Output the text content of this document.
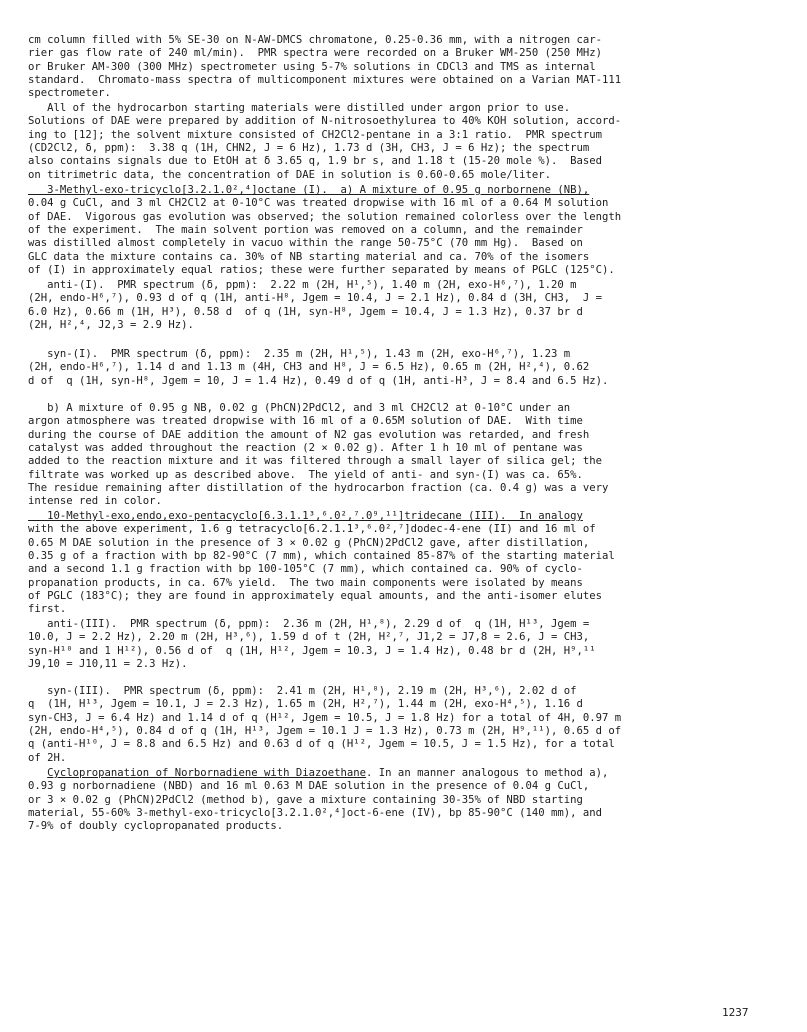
cm column filled with 5% SE-30 on N-AW-DMCS chromatone, 0.25-0.36 mm, with a nitrogen car-
rier gas flow rate of 240 ml/min).  PMR spectra were recorded on a Bruker WM-250 (250 MHz)
or Bruker AM-300 (300 MHz) spectrometer using 5-7% solutions in CDCl3 and TMS as internal
standard.  Chromato-mass spectra of multicomponent mixtures were obtained on a Varian MAT-111
spectrometer.
All of the hydrocarbon starting materials were distilled under argon prior to use.
Solutions of DAE were prepared by addition of N-nitrosoethylurea to 40% KOH solution, accord-
ing to [12]; the solvent mixture consisted of CH2Cl2-pentane in a 3:1 ratio.  PMR spectrum
(CD2Cl2, δ, ppm):  3.38 q (1H, CHN2, J = 6 Hz), 1.73 d (3H, CH3, J = 6 Hz); the spectrum
also contains signals due to EtOH at δ 3.65 q, 1.9 br s, and 1.18 t (15-20 mole %).  Based
on titrimetric data, the concentration of DAE in solution is 0.60-0.65 mole/liter.
3-Methyl-exo-tricyclo[3.2.1.0²,⁴]octane (I).  a) A mixture of 0.95 g norbornene (NB),
0.04 g CuCl, and 3 ml CH2Cl2 at 0-10°C was treated dropwise with 16 ml of a 0.64 M solution
of DAE.  Vigorous gas evolution was observed; the solution remained colorless over the length
of the experiment.  The main solvent portion was removed on a column, and the remainder
was distilled almost completely in vacuo within the range 50-75°C (70 mm Hg).  Based on
GLC data the mixture contains ca. 30% of NB starting material and ca. 70% of the isomers
of (I) in approximately equal ratios; these were further separated by means of PGLC (125°C).
anti-(I).  PMR spectrum (δ, ppm):  2.22 m (2H, H¹,⁵), 1.40 m (2H, exo-H⁶,⁷), 1.20 m
(2H, endo-H⁶,⁷), 0.93 d of q (1H, anti-H⁸, Jgem = 10.4, J = 2.1 Hz), 0.84 d (3H, CH3,  J =
6.0 Hz), 0.66 m (1H, H³), 0.58 d  of q (1H, syn-H⁸, Jgem = 10.4, J = 1.3 Hz), 0.37 br d
(2H, H²,⁴, J2,3 = 2.9 Hz).
syn-(I).  PMR spectrum (δ, ppm):  2.35 m (2H, H¹,⁵), 1.43 m (2H, exo-H⁶,⁷), 1.23 m
(2H, endo-H⁶,⁷), 1.14 d and 1.13 m (4H, CH3 and H⁸, J = 6.5 Hz), 0.65 m (2H, H²,⁴), 0.62
d of  q (1H, syn-H⁸, Jgem = 10, J = 1.4 Hz), 0.49 d of q (1H, anti-H³, J = 8.4 and 6.5 Hz).
b) A mixture of 0.95 g NB, 0.02 g (PhCN)2PdCl2, and 3 ml CH2Cl2 at 0-10°C under an
argon atmosphere was treated dropwise with 16 ml of a 0.65M solution of DAE.  With time
during the course of DAE addition the amount of N2 gas evolution was retarded, and fresh
catalyst was added throughout the reaction (2 × 0.02 g). After 1 h 10 ml of pentane was
added to the reaction mixture and it was filtered through a small layer of silica gel; the
filtrate was worked up as described above.  The yield of anti- and syn-(I) was ca. 65%.
The residue remaining after distillation of the hydrocarbon fraction (ca. 0.4 g) was a very
intense red in color.
10-Methyl-exo,endo,exo-pentacyclo[6.3.1.1³,⁶.0²,⁷.0⁹,¹¹]tridecane (III).  In analogy
with the above experiment, 1.6 g tetracyclo[6.2.1.1³,⁶.0²,⁷]dodec-4-ene (II) and 16 ml of
0.65 M DAE solution in the presence of 3 × 0.02 g (PhCN)2PdCl2 gave, after distillation,
0.35 g of a fraction with bp 82-90°C (7 mm), which contained 85-87% of the starting material
and a second 1.1 g fraction with bp 100-105°C (7 mm), which contained ca. 90% of cyclo-
propanation products, in ca. 67% yield.  The two main components were isolated by means
of PGLC (183°C); they are found in approximately equal amounts, and the anti-isomer elutes
first.
anti-(III).  PMR spectrum (δ, ppm):  2.36 m (2H, H¹,⁸), 2.29 d of  q (1H, H¹³, Jgem =
10.0, J = 2.2 Hz), 2.20 m (2H, H³,⁶), 1.59 d of t (2H, H²,⁷, J1,2 = J7,8 = 2.6, J = CH3,
syn-H¹⁰ and 1 H¹²), 0.56 d of  q (1H, H¹², Jgem = 10.3, J = 1.4 Hz), 0.48 br d (2H, H⁹,¹¹
J9,10 = J10,11 = 2.3 Hz).
syn-(III).  PMR spectrum (δ, ppm):  2.41 m (2H, H¹,⁸), 2.19 m (2H, H³,⁶), 2.02 d of
q  (1H, H¹³, Jgem = 10.1, J = 2.3 Hz), 1.65 m (2H, H²,⁷), 1.44 m (2H, exo-H⁴,⁵), 1.16 d
syn-CH3, J = 6.4 Hz) and 1.14 d of q (H¹², Jgem = 10.5, J = 1.8 Hz) for a total of 4H, 0.97 m
(2H, endo-H⁴,⁵), 0.84 d of q (1H, H¹³, Jgem = 10.1 J = 1.3 Hz), 0.73 m (2H, H⁹,¹¹), 0.65 d of
q (anti-H¹⁰, J = 8.8 and 6.5 Hz) and 0.63 d of q (H¹², Jgem = 10.5, J = 1.5 Hz), for a total
of 2H.
Cyclopropanation of Norbornadiene with Diazoethane. In an manner analogous to method a),
0.93 g norbornadiene (NBD) and 16 ml 0.63 M DAE solution in the presence of 0.04 g CuCl,
or 3 × 0.02 g (PhCN)2PdCl2 (method b), gave a mixture containing 30-35% of NBD starting
material, 55-60% 3-methyl-exo-tricyclo[3.2.1.0²,⁴]oct-6-ene (IV), bp 85-90°C (140 mm), and
7-9% of doubly cyclopropanated products.
1237
